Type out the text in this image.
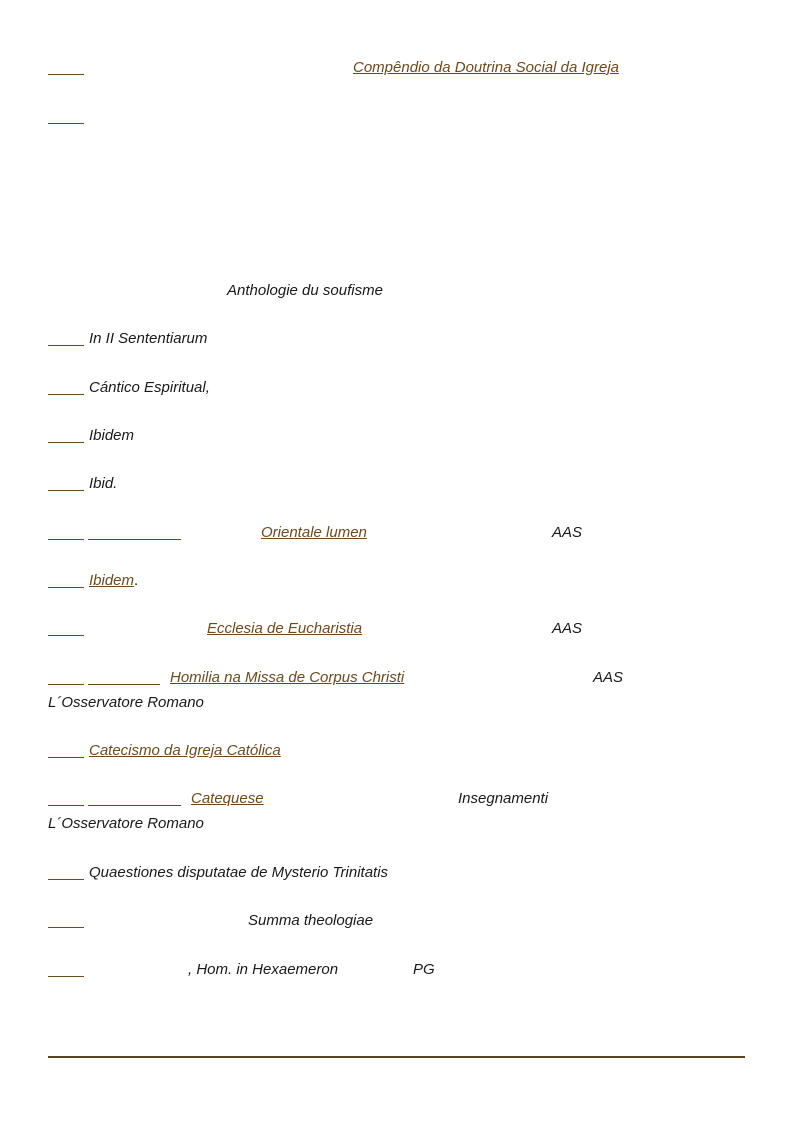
Compêndio da Doutrina Social da Igreja
Anthologie du soufisme
In II Sententiarum
Cántico Espiritual,
Ibidem
Ibid.
Orientale lumen	AAS
Ibidem.
Ecclesia de Eucharistia	AAS
Homilia na Missa de Corpus Christi	AAS
L´Osservatore Romano
Catecismo da Igreja Católica
Catequese	Insegnamenti
L´Osservatore Romano
Quaestiones disputatae de Mysterio Trinitatis
Summa theologiae
, Hom. in Hexaemeron	PG
